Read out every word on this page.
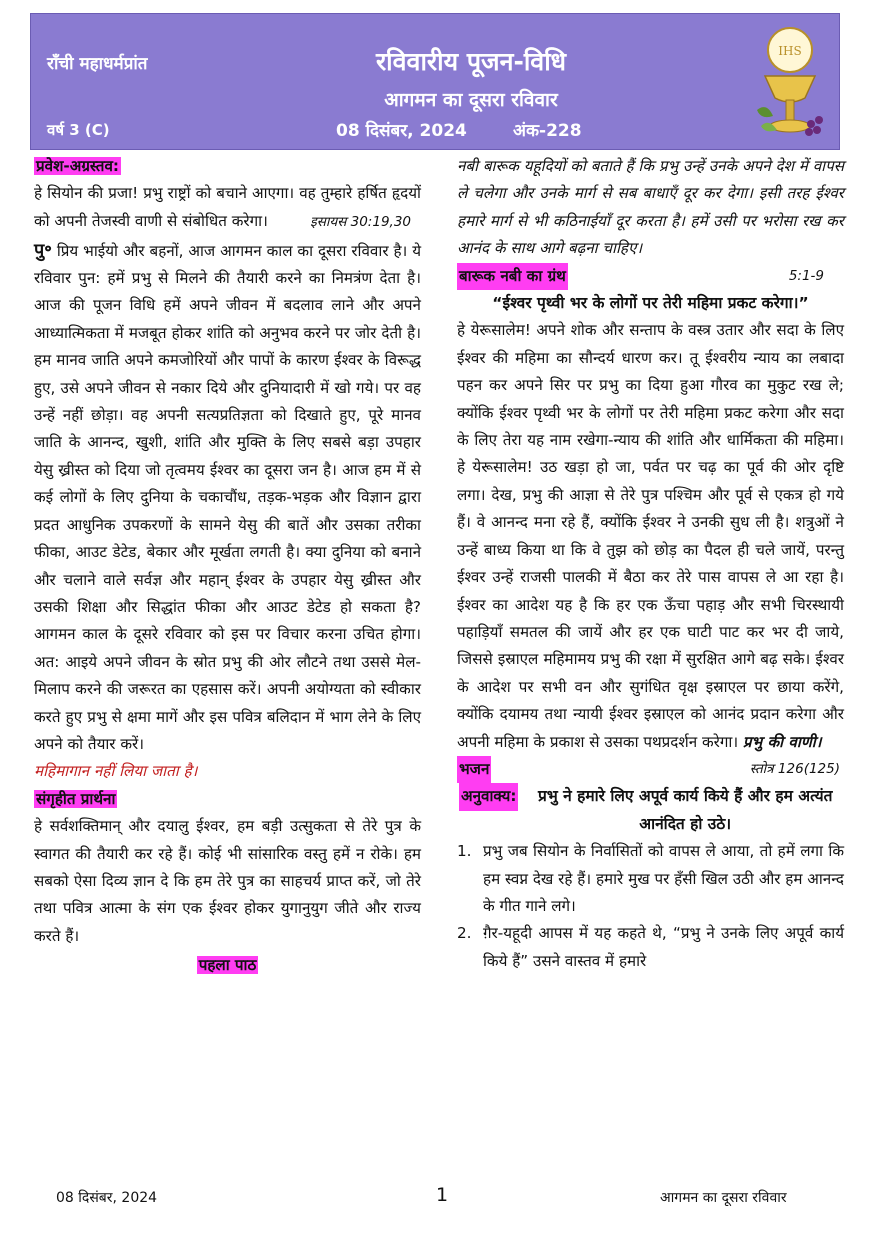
राँची महाधर्मप्रांत	रविवारीय पूजन-विधि
आगमन का दूसरा रविवार
वर्ष 3 (C)	08 दिसंबर, 2024	अंक-228
IHS

प्रवेश-अग्रस्तव:

हे सियोन की प्रजा! प्रभु राष्ट्रों को बचाने आएगा। वह तुम्हारे हर्षित हृदयों को अपनी तेजस्वी वाणी से संबोधित करेगा।	इसायस 30:19,30

पु॰ प्रिय भाईयो और बहनों, आज आगमन काल का दूसरा रविवार है। ये रविवार पुन: हमें प्रभु से मिलने की तैयारी करने का निमत्रंण देता है। आज की पूजन विधि हमें अपने जीवन में बदलाव लाने और अपने आध्यात्मिकता में मजबूत होकर शांति को अनुभव करने पर जोर देती है। हम मानव जाति अपने कमजोरियों और पापों के कारण ईश्वर के विरूद्ध हुए, उसे अपने जीवन से नकार दिये और दुनियादारी में खो गये। पर वह उन्हें नहीं छोड़ा। वह अपनी सत्यप्रतिज्ञता को दिखाते हुए, पूरे मानव जाति के आनन्द, खुशी, शांति और मुक्ति के लिए सबसे बड़ा उपहार येसु ख्रीस्त को दिया जो तृत्वमय ईश्वर का दूसरा जन है। आज हम में से कई लोगों के लिए दुनिया के चकाचौंध, तड़क-भड़क और विज्ञान द्वारा प्रदत आधुनिक उपकरणों के सामने येसु की बातें और उसका तरीका फीका, आउट डेटेड, बेकार और मूर्खता लगती है। क्या दुनिया को बनाने और चलाने वाले सर्वज्ञ और महान् ईश्वर के उपहार येसु ख्रीस्त और उसकी शिक्षा और सिद्धांत फीका और आउट डेटेड हो सकता है? आगमन काल के दूसरे रविवार को इस पर विचार करना उचित होगा। अत: आइये अपने जीवन के स्रोत प्रभु की ओर लौटने तथा उससे मेल-मिलाप करने की जरूरत का एहसास करें। अपनी अयोग्यता को स्वीकार करते हुए प्रभु से क्षमा मागें और इस पवित्र बलिदान में भाग लेने के लिए अपने को तैयार करें।

महिमागान नहीं लिया जाता है।

संगृहीत प्रार्थना

हे सर्वशक्तिमान् और दयालु ईश्वर, हम बड़ी उत्सुकता से तेरे पुत्र के स्वागत की तैयारी कर रहे हैं। कोई भी सांसारिक वस्तु हमें न रोके। हम सबको ऐसा दिव्य ज्ञान दे कि हम तेरे पुत्र का साहचर्य प्राप्त करें, जो तेरे तथा पवित्र आत्मा के संग एक ईश्वर होकर युगानुयुग जीते और राज्य करते हैं।

पहला पाठ

नबी बारूक यहूदियों को बताते हैं कि प्रभु उन्हें उनके अपने देश में वापस ले चलेगा और उनके मार्ग से सब बाधाएँ दूर कर देगा। इसी तरह ईश्वर हमारे मार्ग से भी कठिनाईयाँ दूर करता है। हमें उसी पर भरोसा रख कर आनंद के साथ आगे बढ़ना चाहिए।

बारूक नबी का ग्रंथ	5:1-9

“ईश्वर पृथ्वी भर के लोगों पर तेरी महिमा प्रकट करेगा।”

हे येरूसालेम! अपने शोक और सन्ताप के वस्त्र उतार और सदा के लिए ईश्वर की महिमा का सौन्दर्य धारण कर। तू ईश्वरीय न्याय का लबादा पहन कर अपने सिर पर प्रभु का दिया हुआ गौरव का मुकुट रख ले; क्योंकि ईश्वर पृथ्वी भर के लोगों पर तेरी महिमा प्रकट करेगा और सदा के लिए तेरा यह नाम रखेगा-न्याय की शांति और धार्मिकता की महिमा। हे येरूसालेम! उठ खड़ा हो जा, पर्वत पर चढ़ का पूर्व की ओर दृष्टि लगा। देख, प्रभु की आज्ञा से तेरे पुत्र पश्चिम और पूर्व से एकत्र हो गये हैं। वे आनन्द मना रहे हैं, क्योंकि ईश्वर ने उनकी सुध ली है। शत्रुओं ने उन्हें बाध्य किया था कि वे तुझ को छोड़ का पैदल ही चले जायें, परन्तु ईश्वर उन्हें राजसी पालकी में बैठा कर तेरे पास वापस ले आ रहा है। ईश्वर का आदेश यह है कि हर एक ऊँचा पहाड़ और सभी चिरस्थायी पहाड़ियाँ समतल की जायें और हर एक घाटी पाट कर भर दी जाये, जिससे इस्राएल महिमामय प्रभु की रक्षा में सुरक्षित आगे बढ़ सके। ईश्वर के आदेश पर सभी वन और सुगंधित वृक्ष इस्राएल पर छाया करेंगे, क्योंकि दयामय तथा न्यायी ईश्वर इस्राएल को आनंद प्रदान करेगा और अपनी महिमा के प्रकाश से उसका पथप्रदर्शन करेगा। प्रभु की वाणी।

भजन	स्तोत्र 126(125)
अनुवाक्य:	प्रभु ने हमारे लिए अपूर्व कार्य किये हैं और हम अत्यंत आनंदित हो उठे।
1. प्रभु जब सियोन के निर्वासितों को वापस ले आया, तो हमें लगा कि हम स्वप्न देख रहे हैं। हमारे मुख पर हँसी खिल उठी और हम आनन्द के गीत गाने लगे।
2. ग़ैर-यहूदी आपस में यह कहते थे, “प्रभु ने उनके लिए अपूर्व कार्य किये हैं” उसने वास्तव में हमारे
08 दिसंबर, 2024	1	आगमन का दूसरा रविवार
